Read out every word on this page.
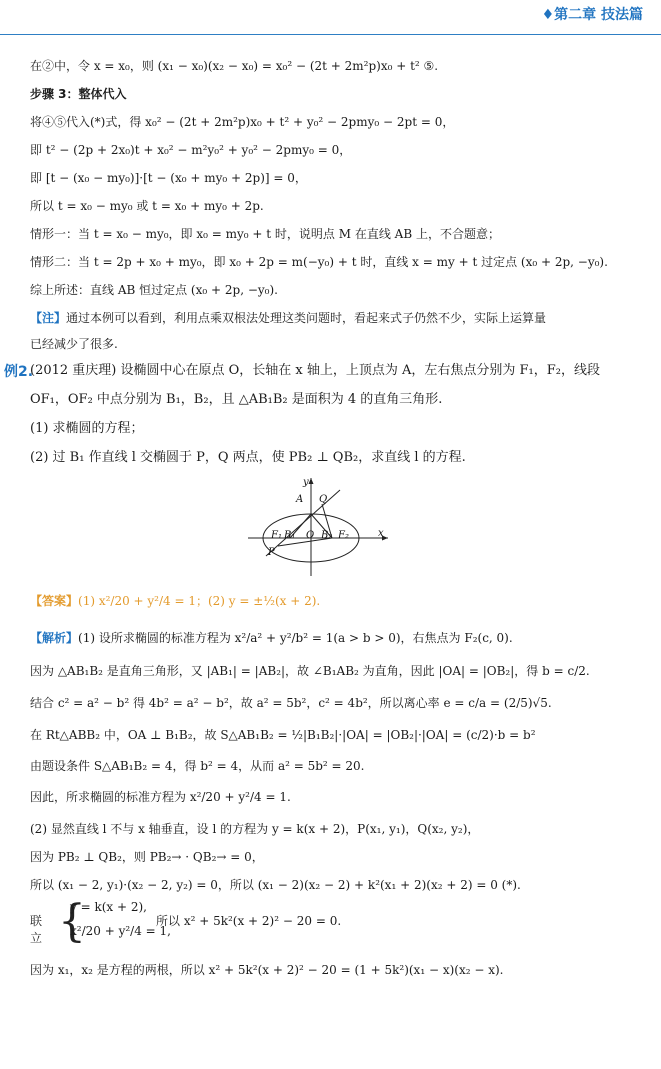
♦第二章 技法篇
在②中，令 x = x₀，则 (x₁ − x₀)(x₂ − x₀) = x₀² − (2t + 2m²p)x₀ + t² ⑤.
步骤 3：整体代入
将④⑤代入(*)式，得 x₀² − (2t + 2m²p)x₀ + t² + y₀² − 2pmy₀ − 2pt = 0，
即 t² − (2p + 2x₀)t + x₀² − m²y₀² + y₀² − 2pmy₀ = 0，
即 [t − (x₀ − my₀)]·[t − (x₀ + my₀ + 2p)] = 0，
所以 t = x₀ − my₀ 或 t = x₀ + my₀ + 2p.
情形一：当 t = x₀ − my₀，即 x₀ = my₀ + t 时，说明点 M 在直线 AB 上，不合题意；
情形二：当 t = 2p + x₀ + my₀，即 x₀ + 2p = m(−y₀) + t 时，直线 x = my + t 过定点 (x₀ + 2p, −y₀).
综上所述：直线 AB 恒过定点 (x₀ + 2p, −y₀).
【注】通过本例可以看到，利用点乘双根法处理这类问题时，看起来式子仍然不少，实际上运算量
已经减少了很多.
例2.
(2012 重庆理) 设椭圆中心在原点 O，长轴在 x 轴上，上顶点为 A，左右焦点分别为 F₁，F₂，线段
OF₁，OF₂ 中点分别为 B₁，B₂，且 △AB₁B₂ 是面积为 4 的直角三角形.
(1) 求椭圆的方程；
(2) 过 B₁ 作直线 l 交椭圆于 P，Q 两点，使 PB₂ ⊥ QB₂，求直线 l 的方程.
y
A Q
F₁ B₁ O B₂ F₂	x
P
【答案】(1) x²/20 + y²/4 = 1；(2) y = ±½(x + 2).
【解析】(1) 设所求椭圆的标准方程为 x²/a² + y²/b² = 1(a > b > 0)，右焦点为 F₂(c, 0).
因为 △AB₁B₂ 是直角三角形，又 |AB₁| = |AB₂|，故 ∠B₁AB₂ 为直角，因此 |OA| = |OB₂|，得 b = c/2.
结合 c² = a² − b² 得 4b² = a² − b²，故 a² = 5b²，c² = 4b²，所以离心率 e = c/a = (2/5)√5.
在 Rt△ABB₂ 中，OA ⊥ B₁B₂，故 S△AB₁B₂ = ½|B₁B₂|·|OA| = |OB₂|·|OA| = (c/2)·b = b²
由题设条件 S△AB₁B₂ = 4，得 b² = 4，从而 a² = 5b² = 20.
因此，所求椭圆的标准方程为 x²/20 + y²/4 = 1.
(2) 显然直线 l 不与 x 轴垂直，设 l 的方程为 y = k(x + 2)，P(x₁, y₁)，Q(x₂, y₂)，
因为 PB₂ ⊥ QB₂，则 PB₂→ · QB₂→ = 0，
所以 (x₁ − 2, y₁)·(x₂ − 2, y₂) = 0，所以 (x₁ − 2)(x₂ − 2) + k²(x₁ + 2)(x₂ + 2) = 0 (*).
联立 {
y = k(x + 2),
x²/20 + y²/4 = 1,
所以 x² + 5k²(x + 2)² − 20 = 0.
因为 x₁，x₂ 是方程的两根，所以 x² + 5k²(x + 2)² − 20 = (1 + 5k²)(x₁ − x)(x₂ − x).
